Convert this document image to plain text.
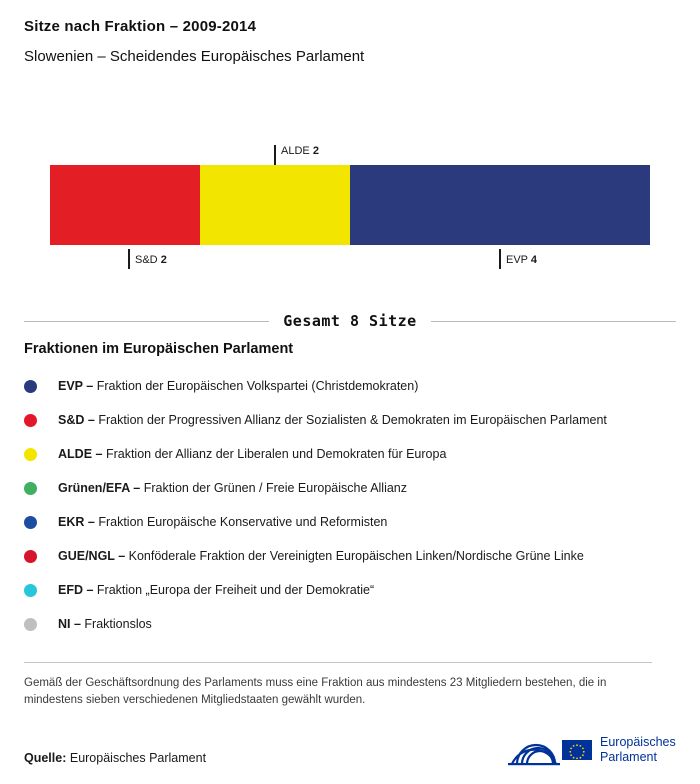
Sitze nach Fraktion – 2009-2014
Slowenien – Scheidendes Europäisches Parlament
ALDE 2
S&D 2	EVP 4
Gesamt 8 Sitze
Fraktionen im Europäischen Parlament
EVP – Fraktion der Europäischen Volkspartei (Christdemokraten)
S&D – Fraktion der Progressiven Allianz der Sozialisten & Demokraten im Europäischen Parlament
ALDE – Fraktion der Allianz der Liberalen und Demokraten für Europa
Grünen/EFA – Fraktion der Grünen / Freie Europäische Allianz
EKR – Fraktion Europäische Konservative und Reformisten
GUE/NGL – Konföderale Fraktion der Vereinigten Europäischen Linken/Nordische Grüne Linke
EFD – Fraktion „Europa der Freiheit und der Demokratie“
NI – Fraktionslos
Gemäß der Geschäftsordnung des Parlaments muss eine Fraktion aus mindestens 23 Mitgliedern bestehen, die in mindestens sieben verschiedenen Mitgliedstaaten gewählt wurden.
Quelle: Europäisches Parlament
Europäisches
Parlament
